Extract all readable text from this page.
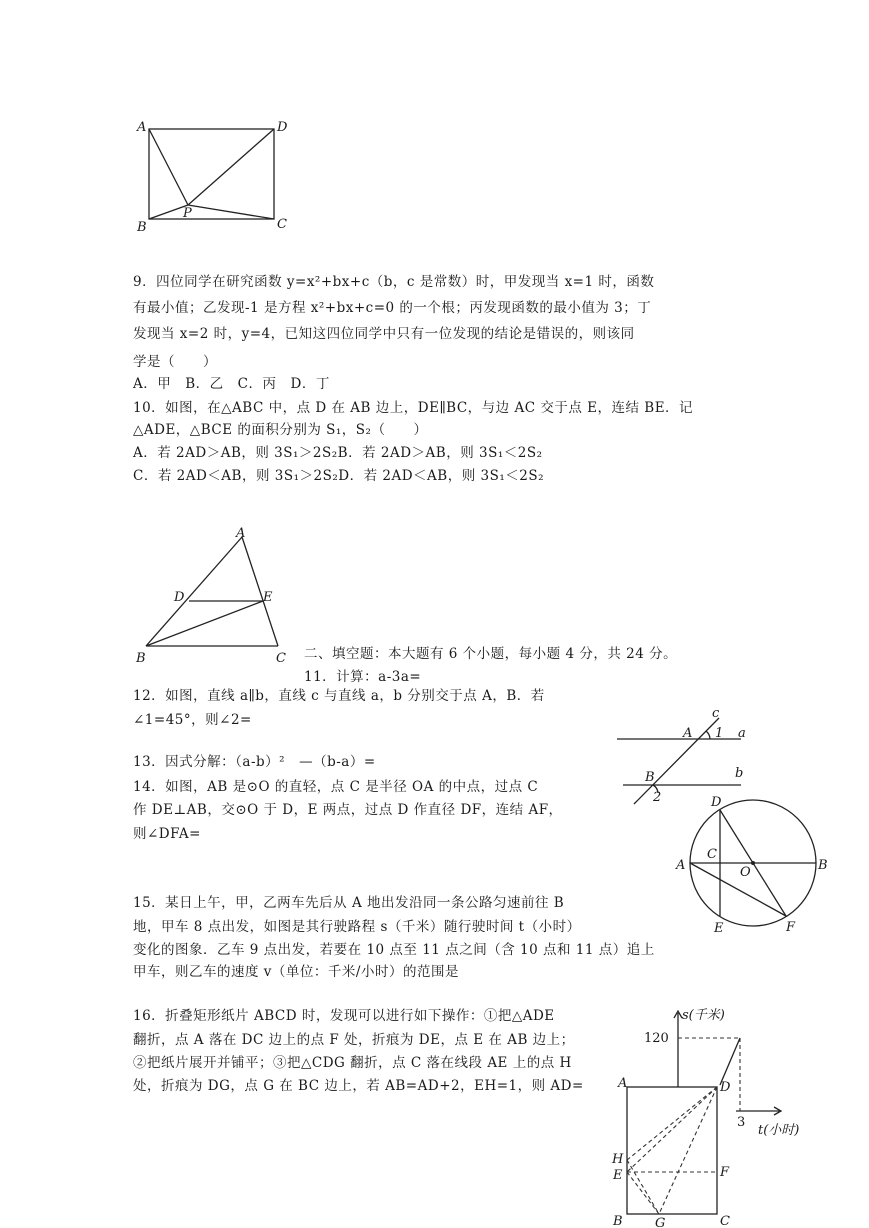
A	D
B	C
P
9．四位同学在研究函数 y=x²+bx+c（b，c 是常数）时，甲发现当 x=1 时，函数
有最小值；乙发现-1 是方程 x²+bx+c=0 的一个根；丙发现函数的最小值为 3；丁
发现当 x=2 时，y=4，已知这四位同学中只有一位发现的结论是错误的，则该同
学是（　　）
A．甲　B．乙　C．丙　D．丁
10．如图，在△ABC 中，点 D 在 AB 边上，DE∥BC，与边 AC 交于点 E，连结 BE．记
△ADE，△BCE 的面积分别为 S₁，S₂（　　）
A．若 2AD＞AB，则 3S₁＞2S₂B．若 2AD＞AB，则 3S₁＜2S₂
C．若 2AD＜AB，则 3S₁＞2S₂D．若 2AD＜AB，则 3S₁＜2S₂
A
D	E
B	C 二、填空题：本大题有 6 个小题，每小题 4 分，共 24 分。
11．计算：a-3a=
12．如图，直线 a∥b，直线 c 与直线 a，b 分别交于点 A，B．若
∠1=45°，则∠2=	c
A 1 a
B	b
2
13．因式分解：（a-b）²　—（b-a）=
14．如图，AB 是⊙O 的直轻，点 C 是半径 OA 的中点，过点 C
作 DE⊥AB，交⊙O 于 D，E 两点，过点 D 作直径 DF，连结 AF，
则∠DFA=
D
A
C
O	B
E	F
15．某日上午，甲，乙两车先后从 A 地出发沿同一条公路匀速前往 B
地，甲车 8 点出发，如图是其行驶路程 s（千米）随行驶时间 t（小时）
变化的图象．乙车 9 点出发，若要在 10 点至 11 点之间（含 10 点和 11 点）追上
甲车，则乙车的速度 v（单位：千米/小时）的范围是
16．折叠矩形纸片 ABCD 时，发现可以进行如下操作：①把△ADE
翻折，点 A 落在 DC 边上的点 F 处，折痕为 DE，点 E 在 AB 边上；
②把纸片展开并铺平；③把△CDG 翻折，点 C 落在线段 AE 上的点 H
处，折痕为 DG，点 G 在 BC 边上，若 AB=AD+2，EH=1，则 AD=
s(千米)
120
3
t(小时)
A	D
H
E	F
B G	C
